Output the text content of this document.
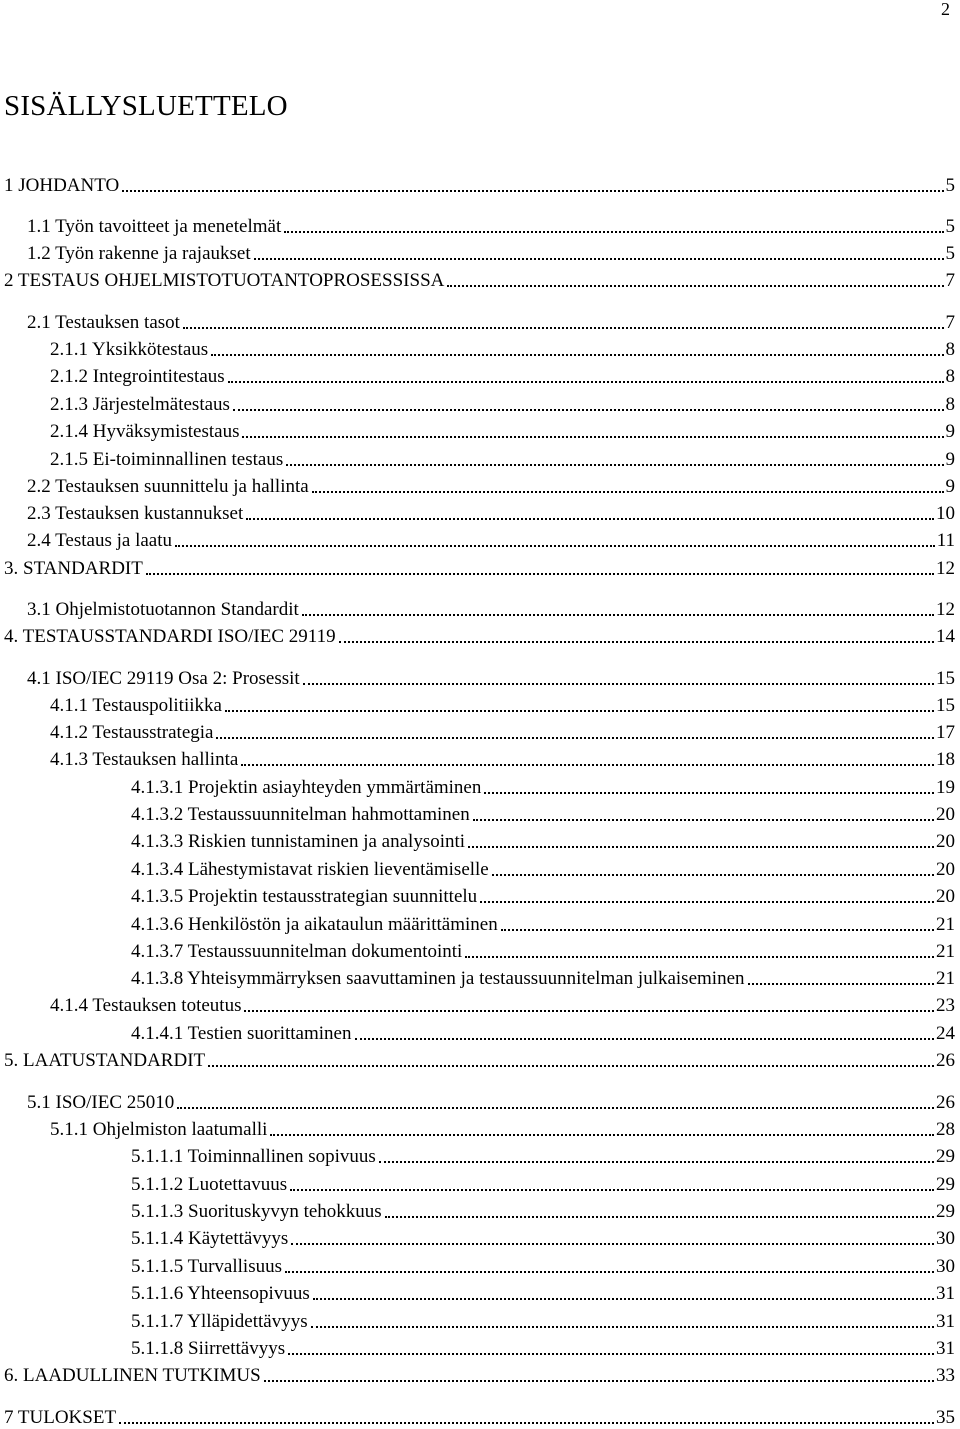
2
SISÄLLYSLUETTELO
1 JOHDANTO	5
1.1 Työn tavoitteet ja menetelmät	5
1.2 Työn rakenne ja rajaukset	5
2 TESTAUS OHJELMISTOTUOTANTOPROSESSISSA	7
2.1 Testauksen tasot	7
2.1.1 Yksikkötestaus	8
2.1.2 Integrointitestaus	8
2.1.3 Järjestelmätestaus	8
2.1.4 Hyväksymistestaus	9
2.1.5 Ei-toiminnallinen testaus	9
2.2 Testauksen suunnittelu ja hallinta	9
2.3 Testauksen kustannukset	10
2.4 Testaus ja laatu	11
3. STANDARDIT	12
3.1 Ohjelmistotuotannon Standardit	12
4. TESTAUSSTANDARDI ISO/IEC 29119	14
4.1 ISO/IEC 29119 Osa 2: Prosessit	15
4.1.1 Testauspolitiikka	15
4.1.2 Testausstrategia	17
4.1.3 Testauksen hallinta	18
4.1.3.1 Projektin asiayhteyden ymmärtäminen	19
4.1.3.2 Testaussuunnitelman hahmottaminen	20
4.1.3.3 Riskien tunnistaminen ja analysointi	20
4.1.3.4 Lähestymistavat riskien lieventämiselle	20
4.1.3.5 Projektin testausstrategian suunnittelu	20
4.1.3.6 Henkilöstön ja aikataulun määrittäminen	21
4.1.3.7 Testaussuunnitelman dokumentointi	21
4.1.3.8 Yhteisymmärryksen saavuttaminen ja testaussuunnitelman julkaiseminen	21
4.1.4 Testauksen toteutus	23
4.1.4.1 Testien suorittaminen	24
5. LAATUSTANDARDIT	26
5.1 ISO/IEC 25010	26
5.1.1 Ohjelmiston laatumalli	28
5.1.1.1 Toiminnallinen sopivuus	29
5.1.1.2 Luotettavuus	29
5.1.1.3 Suorituskyvyn tehokkuus	29
5.1.1.4 Käytettävyys	30
5.1.1.5 Turvallisuus	30
5.1.1.6 Yhteensopivuus	31
5.1.1.7 Ylläpidettävyys	31
5.1.1.8 Siirrettävyys	31
6. LAADULLINEN TUTKIMUS	33
7 TULOKSET	35
